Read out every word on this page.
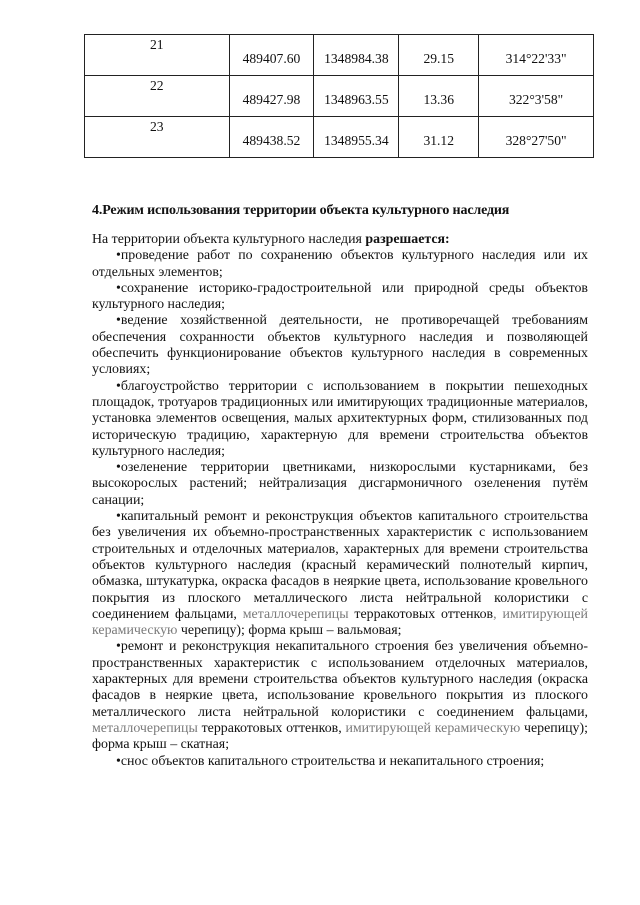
21	489407.60	1348984.38	29.15	314°22'33"
22	489427.98	1348963.55	13.36	322°3'58"
23	489438.52	1348955.34	31.12	328°27'50"
4.Режим использования территории объекта культурного наследия

На территории объекта культурного наследия разрешается:

•проведение работ по сохранению объектов культурного наследия или их отдельных элементов;

•сохранение историко-градостроительной или природной среды объектов культурного наследия;

•ведение хозяйственной деятельности, не противоречащей требованиям обеспечения сохранности объектов культурного наследия и позволяющей обеспечить функционирование объектов культурного наследия в современных условиях;

•благоустройство территории с использованием в покрытии пешеходных площадок, тротуаров традиционных или имитирующих традиционные материалов, установка элементов освещения, малых архитектурных форм, стилизованных под историческую традицию, характерную для времени строительства объектов культурного наследия;

•озеленение территории цветниками, низкорослыми кустарниками, без высокорослых растений; нейтрализация дисгармоничного озеленения путём санации;

•капитальный ремонт и реконструкция объектов капитального строительства без увеличения их объемно-пространственных характеристик с использованием строительных и отделочных материалов, характерных для времени строительства объектов культурного наследия (красный керамический полнотелый кирпич, обмазка, штукатурка, окраска фасадов в неяркие цвета, использование кровельного покрытия из плоского металлического листа нейтральной колористики с соединением фальцами, металлочерепицы терракотовых оттенков, имитирующей керамическую черепицу); форма крыш – вальмовая;

•ремонт и реконструкция некапитального строения без увеличения объемно-пространственных характеристик с использованием отделочных материалов, характерных для времени строительства объектов культурного наследия (окраска фасадов в неяркие цвета, использование кровельного покрытия из плоского металлического листа нейтральной колористики с соединением фальцами, металлочерепицы терракотовых оттенков, имитирующей керамическую черепицу); форма крыш – скатная;

•снос объектов капитального строительства и некапитального строения;
